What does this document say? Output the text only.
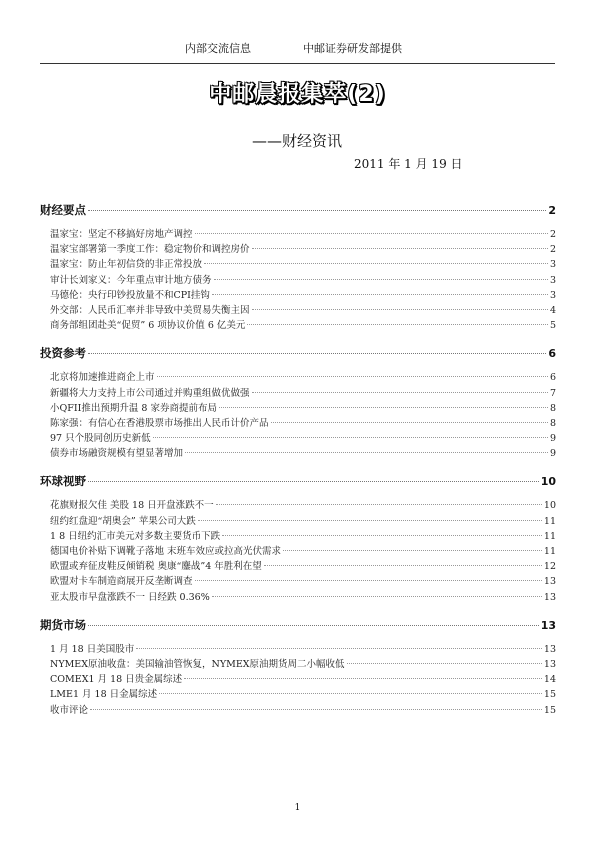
内部交流信息	中邮证券研发部提供
中邮晨报集萃(2)
——财经资讯
2011 年 1 月 19 日
财经要点	2
温家宝：坚定不移搞好房地产调控	2
温家宝部署第一季度工作：稳定物价和调控房价	2
温家宝：防止年初信贷的非正常投放	3
审计长刘家义：今年重点审计地方债务	3
马德伦：央行印钞投放量不和CPI挂钩	3
外交部：人民币汇率并非导致中美贸易失衡主因	4
商务部组团赴美“促贸” 6 项协议价值 6 亿美元	5
投资参考	6
北京将加速推进商企上市	6
新疆将大力支持上市公司通过并购重组做优做强	7
小QFII推出预期升温 8 家券商提前布局	8
陈家强：有信心在香港股票市场推出人民币计价产品	8
97 只个股同创历史新低	9
债券市场融资规模有望显著增加	9
环球视野	10
花旗财报欠佳 美股 18 日开盘涨跌不一	10
纽约红盘迎“胡奥会” 苹果公司大跌	11
1 8 日纽约汇市美元对多数主要货币下跌	11
德国电价补贴下调靴子落地 末班车效应或拉高光伏需求	11
欧盟或弃征皮鞋反倾销税 奥康“鏖战”4 年胜利在望	12
欧盟对卡车制造商展开反垄断调查	13
亚太股市早盘涨跌不一 日经跌 0.36%	13
期货市场	13
1 月 18 日美国股市	13
NYMEX原油收盘：美国输油管恢复，NYMEX原油期货周二小幅收低	13
COMEX1 月 18 日贵金属综述	14
LME1 月 18 日金属综述	15
收市评论	15
1
